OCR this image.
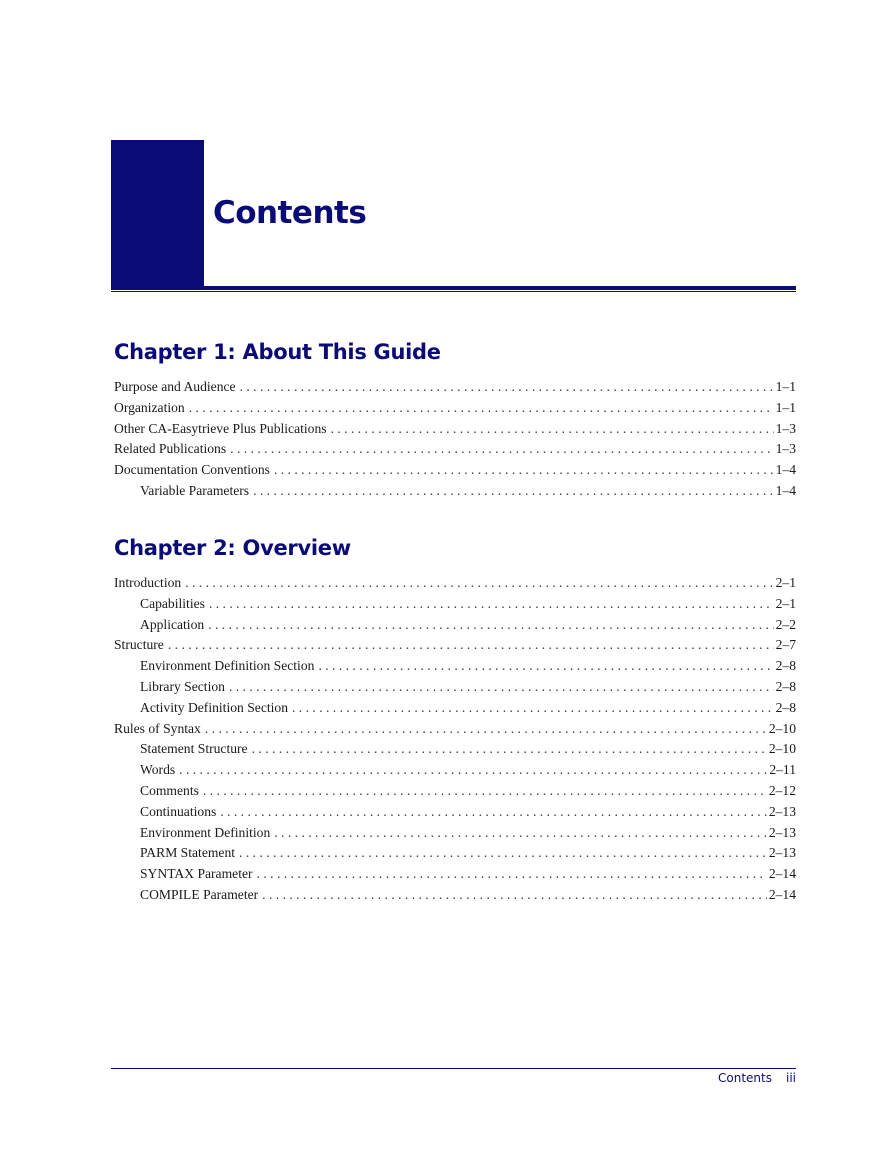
Contents
Chapter 1: About This Guide
Purpose and Audience . . .	1–1
Organization . . .	1–1
Other CA-Easytrieve Plus Publications . . .	1–3
Related Publications . . .	1–3
Documentation Conventions . . .	1–4
Variable Parameters . . .	1–4
Chapter 2: Overview
Introduction . . .	2–1
Capabilities . . .	2–1
Application . . .	2–2
Structure . . .	2–7
Environment Definition Section . . .	2–8
Library Section . . .	2–8
Activity Definition Section . . .	2–8
Rules of Syntax . . .	2–10
Statement Structure . . .	2–10
Words . . .	2–11
Comments . . .	2–12
Continuations . . .	2–13
Environment Definition . . .	2–13
PARM Statement . . .	2–13
SYNTAX Parameter . . .	2–14
COMPILE Parameter . . .	2–14
Contents iii
